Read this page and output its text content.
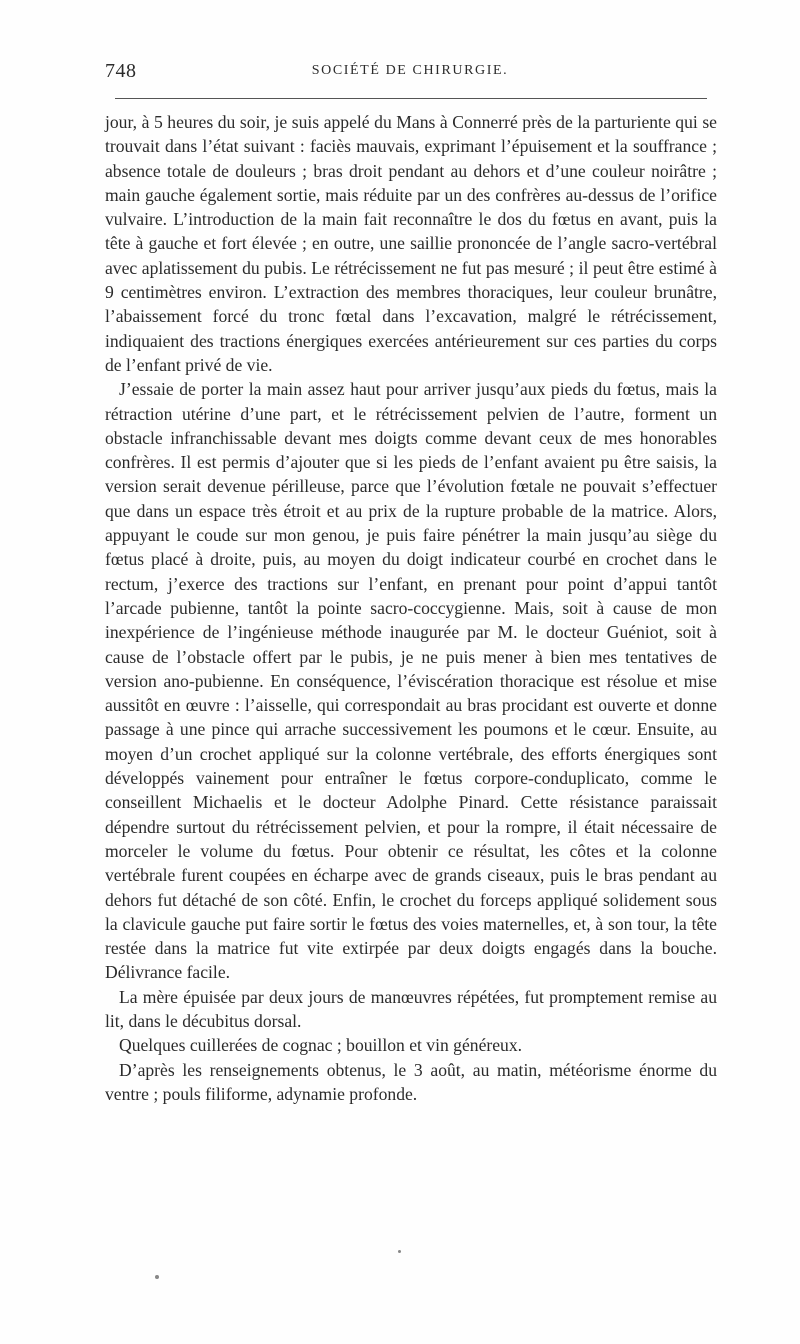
748	SOCIÉTÉ DE CHIRURGIE.

jour, à 5 heures du soir, je suis appelé du Mans à Connerré près de la parturiente qui se trouvait dans l’état suivant : faciès mauvais, exprimant l’épuisement et la souffrance ; absence totale de douleurs ; bras droit pendant au dehors et d’une couleur noirâtre ; main gauche également sortie, mais réduite par un des confrères au-dessus de l’orifice vulvaire. L’introduction de la main fait reconnaître le dos du fœtus en avant, puis la tête à gauche et fort élevée ; en outre, une saillie prononcée de l’angle sacro-vertébral avec aplatissement du pubis. Le rétrécissement ne fut pas mesuré ; il peut être estimé à 9 centimètres environ. L’extraction des membres thoraciques, leur couleur brunâtre, l’abaissement forcé du tronc fœtal dans l’excavation, malgré le rétrécissement, indiquaient des tractions énergiques exercées antérieurement sur ces parties du corps de l’enfant privé de vie.

J’essaie de porter la main assez haut pour arriver jusqu’aux pieds du fœtus, mais la rétraction utérine d’une part, et le rétrécissement pelvien de l’autre, forment un obstacle infranchissable devant mes doigts comme devant ceux de mes honorables confrères. Il est permis d’ajouter que si les pieds de l’enfant avaient pu être saisis, la version serait devenue périlleuse, parce que l’évolution fœtale ne pouvait s’effectuer que dans un espace très étroit et au prix de la rupture probable de la matrice. Alors, appuyant le coude sur mon genou, je puis faire pénétrer la main jusqu’au siège du fœtus placé à droite, puis, au moyen du doigt indicateur courbé en crochet dans le rectum, j’exerce des tractions sur l’enfant, en prenant pour point d’appui tantôt l’arcade pubienne, tantôt la pointe sacro-coccygienne. Mais, soit à cause de mon inexpérience de l’ingénieuse méthode inaugurée par M. le docteur Guéniot, soit à cause de l’obstacle offert par le pubis, je ne puis mener à bien mes tentatives de version ano-pubienne. En conséquence, l’éviscération thoracique est résolue et mise aussitôt en œuvre : l’aisselle, qui correspondait au bras procidant est ouverte et donne passage à une pince qui arrache successivement les poumons et le cœur. Ensuite, au moyen d’un crochet appliqué sur la colonne vertébrale, des efforts énergiques sont développés vainement pour entraîner le fœtus corpore-conduplicato, comme le conseillent Michaelis et le docteur Adolphe Pinard. Cette résistance paraissait dépendre surtout du rétrécissement pelvien, et pour la rompre, il était nécessaire de morceler le volume du fœtus. Pour obtenir ce résultat, les côtes et la colonne vertébrale furent coupées en écharpe avec de grands ciseaux, puis le bras pendant au dehors fut détaché de son côté. Enfin, le crochet du forceps appliqué solidement sous la clavicule gauche put faire sortir le fœtus des voies maternelles, et, à son tour, la tête restée dans la matrice fut vite extirpée par deux doigts engagés dans la bouche. Délivrance facile.

La mère épuisée par deux jours de manœuvres répétées, fut promptement remise au lit, dans le décubitus dorsal.

Quelques cuillerées de cognac ; bouillon et vin généreux.

D’après les renseignements obtenus, le 3 août, au matin, météorisme énorme du ventre ; pouls filiforme, adynamie profonde.
